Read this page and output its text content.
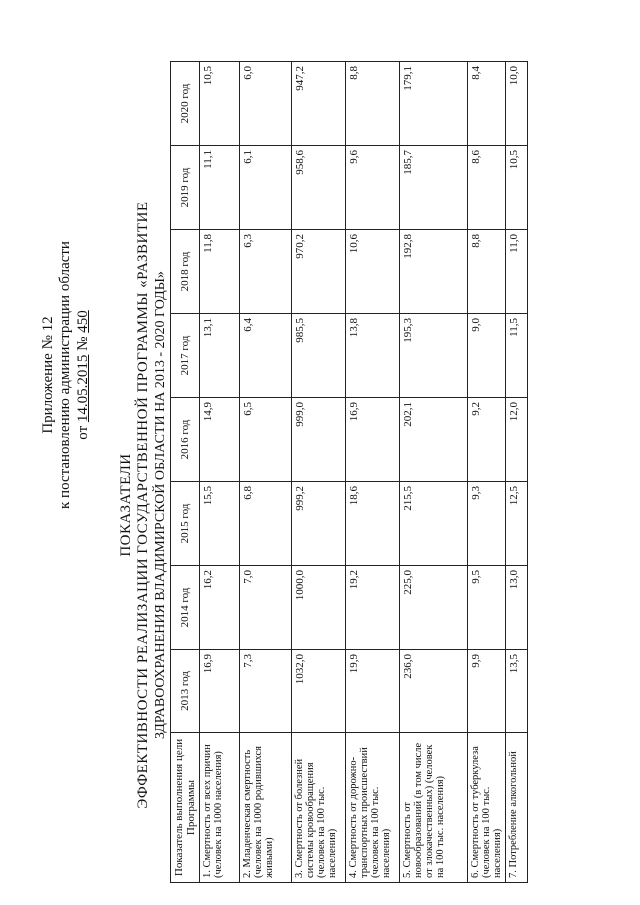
Приложение № 12 к постановлению администрации области от 14.05.2015 № 450
ПОКАЗАТЕЛИ ЭФФЕКТИВНОСТИ РЕАЛИЗАЦИИ ГОСУДАРСТВЕННОЙ ПРОГРАММЫ «РАЗВИТИЕ ЗДРАВООХРАНЕНИЯ ВЛАДИМИРСКОЙ ОБЛАСТИ НА 2013 - 2020 ГОДЫ»
Показатель выполнения цели Программы	2013 год	2014 год	2015 год	2016 год	2017 год	2018 год	2019 год	2020 год
1. Смертность от всех причин (человек на 1000 населения)	16,9	16,2	15,5	14,9	13,1	11,8	11,1	10,5
2. Младенческая смертность (человек на 1000 родившихся живыми)	7,3	7,0	6,8	6,5	6,4	6,3	6,1	6,0
3. Смертность от болезней системы кровообращения (человек на 100 тыс. населения)	1032,0	1000,0	999,2	999,0	985,5	970,2	958,6	947,2
4. Смертность от дорожно-транспортных происшествий (человек на 100 тыс. населения)	19,9	19,2	18,6	16,9	13,8	10,6	9,6	8,8
5. Смертность от новообразований (в том числе от злокачественных) (человек на 100 тыс. населения)	236,0	225,0	215,5	202,1	195,3	192,8	185,7	179,1
6. Смертность от туберкулеза (человек на 100 тыс. населения)	9,9	9,5	9,3	9,2	9,0	8,8	8,6	8,4
7. Потребление алкогольной	13,5	13,0	12,5	12,0	11,5	11,0	10,5	10,0
